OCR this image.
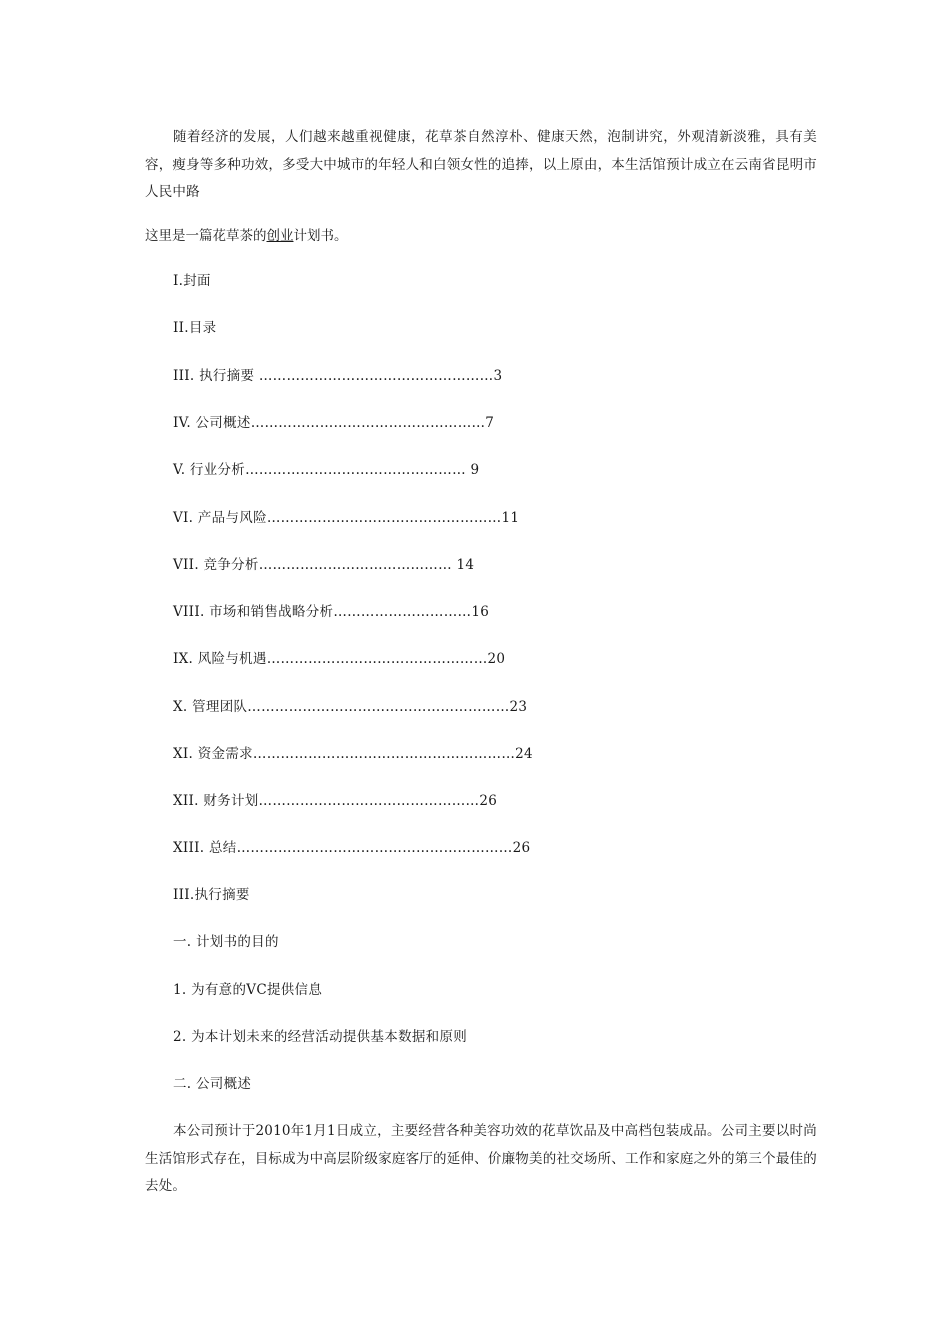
随着经济的发展，人们越来越重视健康，花草茶自然淳朴、健康天然，泡制讲究，外观清新淡雅，具有美容，瘦身等多种功效，多受大中城市的年轻人和白领女性的追捧，以上原由，本生活馆预计成立在云南省昆明市人民中路

这里是一篇花草茶的创业计划书。

I.封面
II.目录
III. 执行摘要 ……………………………………………3
IV. 公司概述……………………………………………7
V. 行业分析………………………………………… 9
VI. 产品与风险……………………………………………11
VII. 竞争分析…………………………………… 14
VIII. 市场和销售战略分析…………………………16
IX. 风险与机遇…………………………………………20
X. 管理团队…………………………………………………23
XI. 资金需求…………………………………………………24
XII. 财务计划…………………………………………26
XIII. 总结……………………………………………………26
III.执行摘要
一. 计划书的目的
1. 为有意的VC提供信息
2. 为本计划未来的经营活动提供基本数据和原则
二. 公司概述

本公司预计于2010年1月1日成立，主要经营各种美容功效的花草饮品及中高档包装成品。公司主要以时尚生活馆形式存在，目标成为中高层阶级家庭客厅的延伸、价廉物美的社交场所、工作和家庭之外的第三个最佳的去处。
